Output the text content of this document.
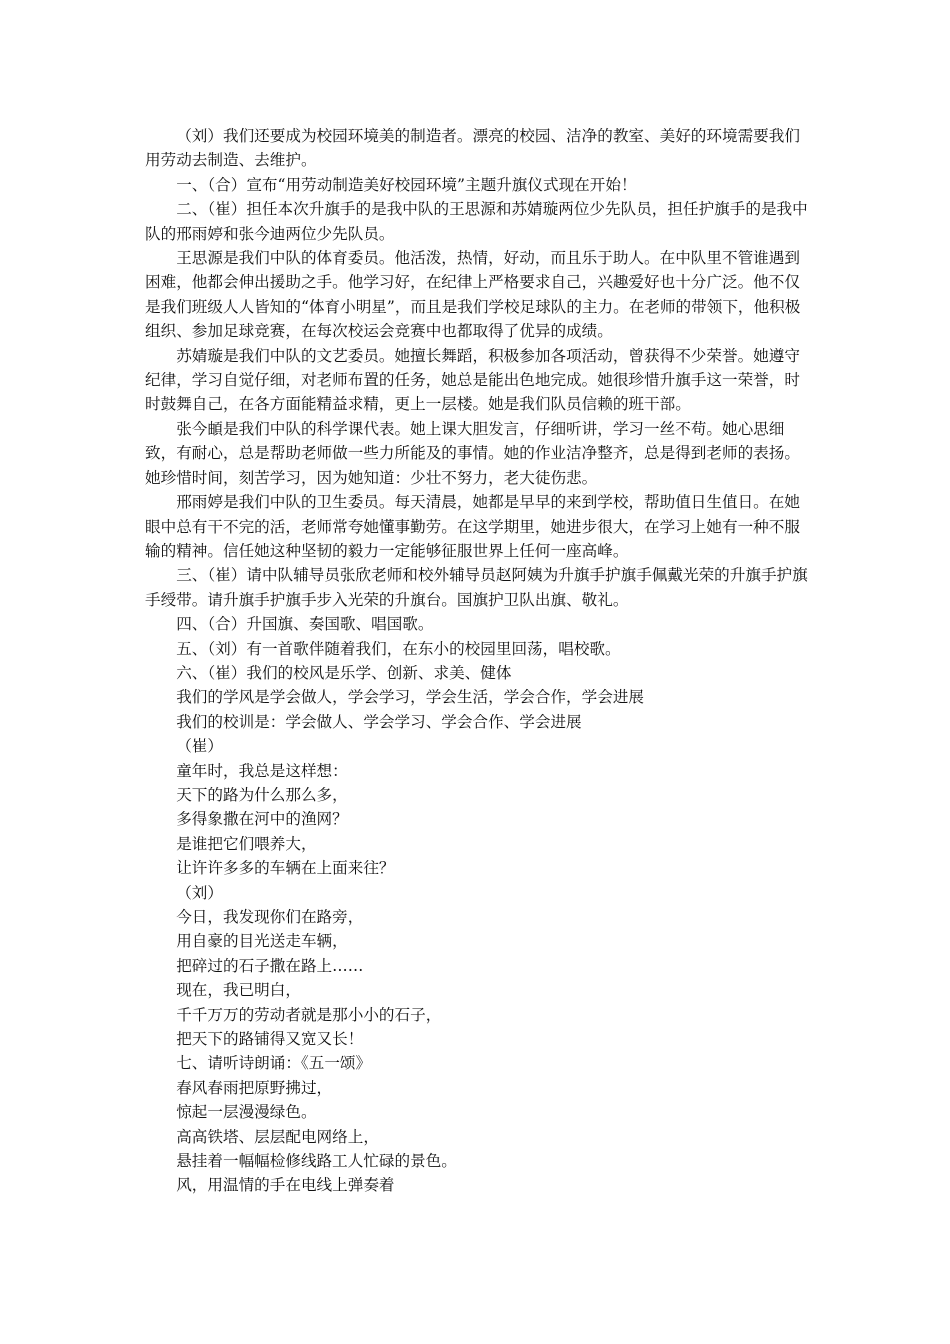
（刘）我们还要成为校园环境美的制造者。漂亮的校园、洁净的教室、美好的环境需要我们用劳动去制造、去维护。

一、（合）宣布“用劳动制造美好校园环境”主题升旗仪式现在开始！

二、（崔）担任本次升旗手的是我中队的王思源和苏婧璇两位少先队员，担任护旗手的是我中队的邢雨婷和张今迪两位少先队员。

王思源是我们中队的体育委员。他活泼，热情，好动，而且乐于助人。在中队里不管谁遇到困难，他都会伸出援助之手。他学习好，在纪律上严格要求自己，兴趣爱好也十分广泛。他不仅是我们班级人人皆知的“体育小明星”，而且是我们学校足球队的主力。在老师的带领下，他积极组织、参加足球竞赛，在每次校运会竞赛中也都取得了优异的成绩。

苏婧璇是我们中队的文艺委员。她擅长舞蹈，积极参加各项活动，曾获得不少荣誉。她遵守纪律，学习自觉仔细，对老师布置的任务，她总是能出色地完成。她很珍惜升旗手这一荣誉，时时鼓舞自己，在各方面能精益求精，更上一层楼。她是我们队员信赖的班干部。

张今頔是我们中队的科学课代表。她上课大胆发言，仔细听讲，学习一丝不苟。她心思细致，有耐心，总是帮助老师做一些力所能及的事情。她的作业洁净整齐，总是得到老师的表扬。她珍惜时间，刻苦学习，因为她知道：少壮不努力，老大徒伤悲。

邢雨婷是我们中队的卫生委员。每天清晨，她都是早早的来到学校，帮助值日生值日。在她眼中总有干不完的活，老师常夸她懂事勤劳。在这学期里，她进步很大，在学习上她有一种不服输的精神。信任她这种坚韧的毅力一定能够征服世界上任何一座高峰。

三、（崔）请中队辅导员张欣老师和校外辅导员赵阿姨为升旗手护旗手佩戴光荣的升旗手护旗手绶带。请升旗手护旗手步入光荣的升旗台。国旗护卫队出旗、敬礼。

四、（合）升国旗、奏国歌、唱国歌。

五、（刘）有一首歌伴随着我们，在东小的校园里回荡，唱校歌。

六、（崔）我们的校风是乐学、创新、求美、健体

我们的学风是学会做人，学会学习，学会生活，学会合作，学会进展

我们的校训是：学会做人、学会学习、学会合作、学会进展

（崔）

童年时，我总是这样想：

天下的路为什么那么多，

多得象撒在河中的渔网？

是谁把它们喂养大，

让许许多多的车辆在上面来往？

（刘）

今日，我发现你们在路旁，

用自豪的目光送走车辆，

把碎过的石子撒在路上……

现在，我已明白，

千千万万的劳动者就是那小小的石子，

把天下的路铺得又宽又长！

七、请听诗朗诵：《五一颂》

春风春雨把原野拂过，

惊起一层漫漫绿色。

高高铁塔、层层配电网络上，

悬挂着一幅幅检修线路工人忙碌的景色。

风，用温情的手在电线上弹奏着
